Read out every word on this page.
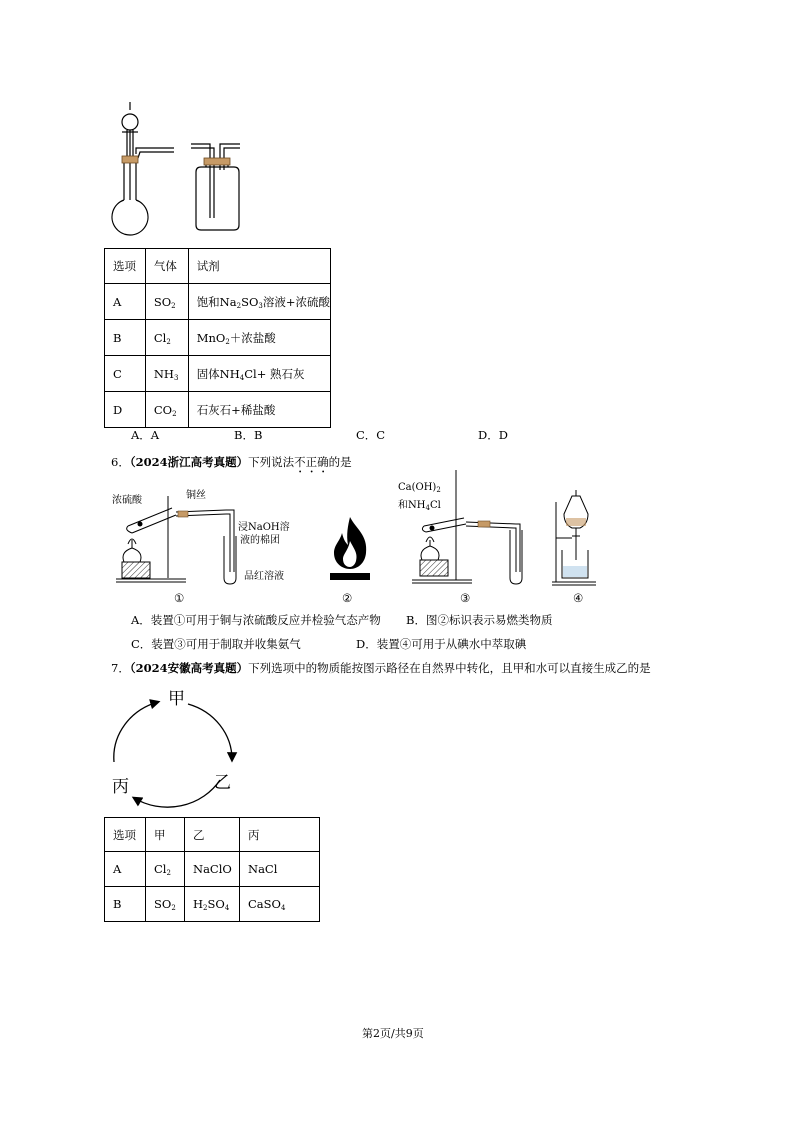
选项	气体	试剂
A	$SO_2$	饱和$Na_2SO_3$溶液+浓硫酸
B	$Cl_2$	MnO$_2$＋浓盐酸
C	$NH_3$	固体$NH_4Cl+$ 熟石灰
D	$CO_2$	石灰石+稀盐酸
A．A	B．B	C．C	D．D
6．（2024浙江高考真题）下列说法不正确的是
浓硫酸	铜丝
浸NaOH溶
液的棉团
品红溶液
$Ca(OH)_2$
和$NH_4Cl$
①	②	③	④
A．装置①可用于铜与浓硫酸反应并检验气态产物 B．图②标识表示易燃类物质
C．装置③可用于制取并收集氨气	D．装置④可用于从碘水中萃取碘
7．（2024安徽高考真题）下列选项中的物质能按图示路径在自然界中转化，且甲和水可以直接生成乙的是
甲
乙
丙
选项	甲	乙	丙
A	$Cl_2$	NaClO	NaCl
B	$SO_2$	$H_2SO_4$	CaSO$_4$
第2页/共9页
